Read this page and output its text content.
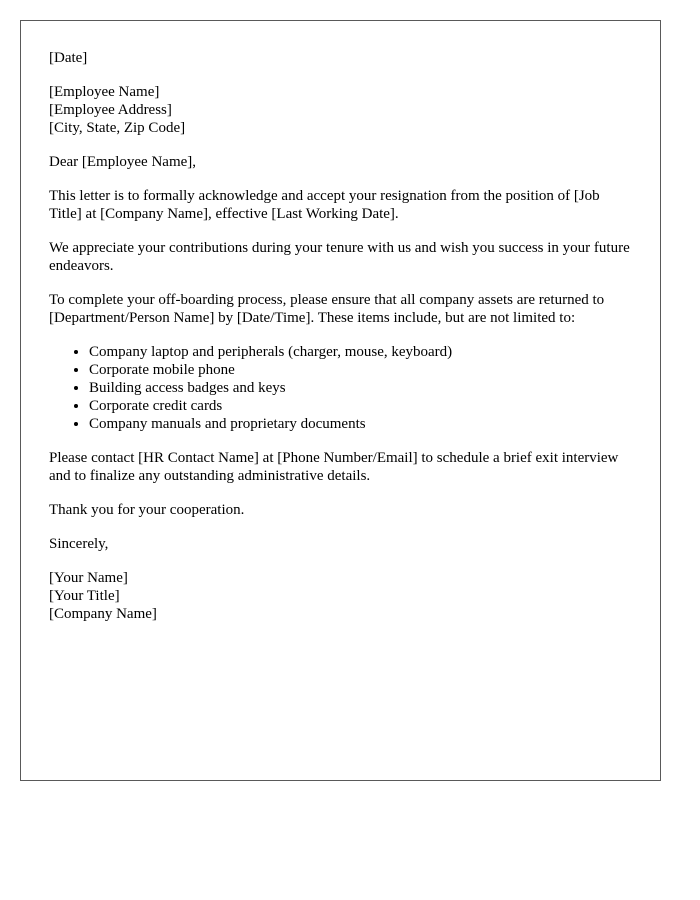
[Date]

[Employee Name]
[Employee Address]
[City, State, Zip Code]

Dear [Employee Name],

This letter is to formally acknowledge and accept your resignation from the position of [Job Title] at [Company Name], effective [Last Working Date].

We appreciate your contributions during your tenure with us and wish you success in your future endeavors.

To complete your off-boarding process, please ensure that all company assets are returned to [Department/Person Name] by [Date/Time]. These items include, but are not limited to:

• Company laptop and peripherals (charger, mouse, keyboard)
• Corporate mobile phone
• Building access badges and keys
• Corporate credit cards
• Company manuals and proprietary documents

Please contact [HR Contact Name] at [Phone Number/Email] to schedule a brief exit interview and to finalize any outstanding administrative details.

Thank you for your cooperation.

Sincerely,

[Your Name]
[Your Title]
[Company Name]
